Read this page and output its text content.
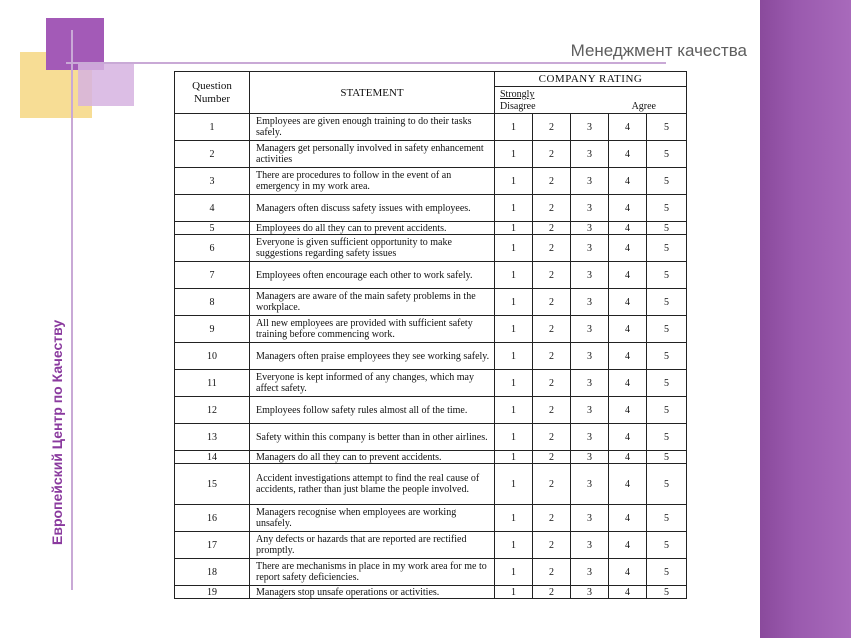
Менеджмент качества
Европейский Центр по Качеству
Question Number	STATEMENT	COMPANY RATING				

		Strongly
Disagree Agree				

1	Employees are given enough training to do their tasks safely.	1	2	3	4	5
2	Managers get personally involved in safety enhancement activities	1	2	3	4	5
3	There are procedures to follow in the event of an emergency in my work area.	1	2	3	4	5
4	Managers often discuss safety issues with employees.	1	2	3	4	5
5	Employees do all they can to prevent accidents.	1	2	3	4	5
6	Everyone is given sufficient opportunity to make suggestions regarding safety issues	1	2	3	4	5
7	Employees often encourage each other to work safely.	1	2	3	4	5
8	Managers are aware of the main safety problems in the workplace.	1	2	3	4	5
9	All new employees are provided with sufficient safety training before commencing work.	1	2	3	4	5
10	Managers often praise employees they see working safely.	1	2	3	4	5
11	Everyone is kept informed of any changes, which may affect safety.	1	2	3	4	5
12	Employees follow safety rules almost all of the time.	1	2	3	4	5
13	Safety within this company is better than in other airlines.	1	2	3	4	5
14	Managers do all they can to prevent accidents.	1	2	3	4	5
15	Accident investigations attempt to find the real cause of accidents, rather than just blame the people involved.	1	2	3	4	5
16	Managers recognise when employees are working unsafely.	1	2	3	4	5
17	Any defects or hazards that are reported are rectified promptly.	1	2	3	4	5
18	There are mechanisms in place in my work area for me to report safety deficiencies.	1	2	3	4	5
19	Managers stop unsafe operations or activities.	1	2	3	4	5
